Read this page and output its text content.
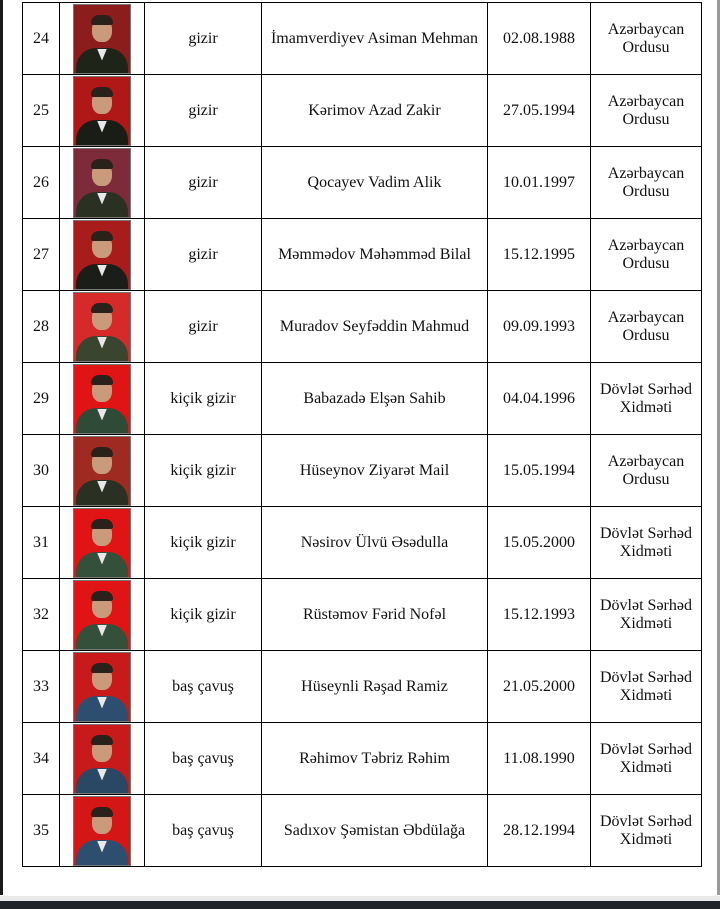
24		gizir	İmamverdiyev Asiman Mehman	02.08.1988	Azərbaycan Ordusu
25		gizir	Kərimov Azad Zakir	27.05.1994	Azərbaycan Ordusu
26		gizir	Qocayev Vadim Alik	10.01.1997	Azərbaycan Ordusu
27		gizir	Məmmədov Məhəmməd Bilal	15.12.1995	Azərbaycan Ordusu
28		gizir	Muradov Seyfəddin Mahmud	09.09.1993	Azərbaycan Ordusu
29		kiçik gizir	Babazadə Elşən Sahib	04.04.1996	Dövlət Sərhəd Xidməti
30		kiçik gizir	Hüseynov Ziyarət Mail	15.05.1994	Azərbaycan Ordusu
31		kiçik gizir	Nəsirov Ülvü Əsədulla	15.05.2000	Dövlət Sərhəd Xidməti
32		kiçik gizir	Rüstəmov Fərid Nofəl	15.12.1993	Dövlət Sərhəd Xidməti
33		baş çavuş	Hüseynli Rəşad Ramiz	21.05.2000	Dövlət Sərhəd Xidməti
34		baş çavuş	Rəhimov Təbriz Rəhim	11.08.1990	Dövlət Sərhəd Xidməti
35		baş çavuş	Sadıxov Şəmistan Əbdülağa	28.12.1994	Dövlət Sərhəd Xidməti
